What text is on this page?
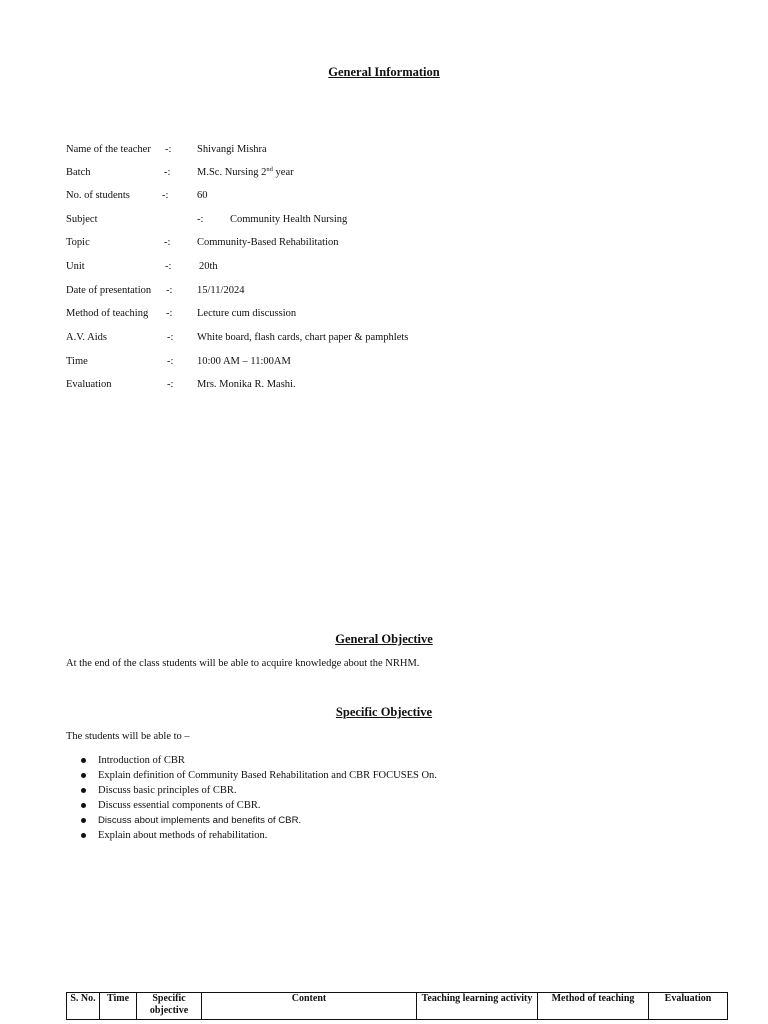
General Information
Name of the teacher -: Shivangi Mishra
Batch	-:	M.Sc. Nursing 2nd year
No. of students	-:	60
Subject	-:	Community Health Nursing
Topic	-:	Community-Based Rehabilitation
Unit	-:	20th
Date of presentation -: 15/11/2024
Method of teaching -: Lecture cum discussion
A.V. Aids	-: White board, flash cards, chart paper & pamphlets
Time	-: 10:00 AM – 11:00AM
Evaluation	-: Mrs. Monika R. Mashi.
General Objective
At the end of the class students will be able to acquire knowledge about the NRHM.
Specific Objective
The students will be able to –
Introduction of CBR
Explain definition of Community Based Rehabilitation and CBR FOCUSES On.
Discuss basic principles of CBR.
Discuss essential components of CBR.
Discuss about implements and benefits of CBR.
Explain about methods of rehabilitation.
S. No.	Time	Specific objective	Content	Teaching learning activity	Method of teaching	Evaluation
